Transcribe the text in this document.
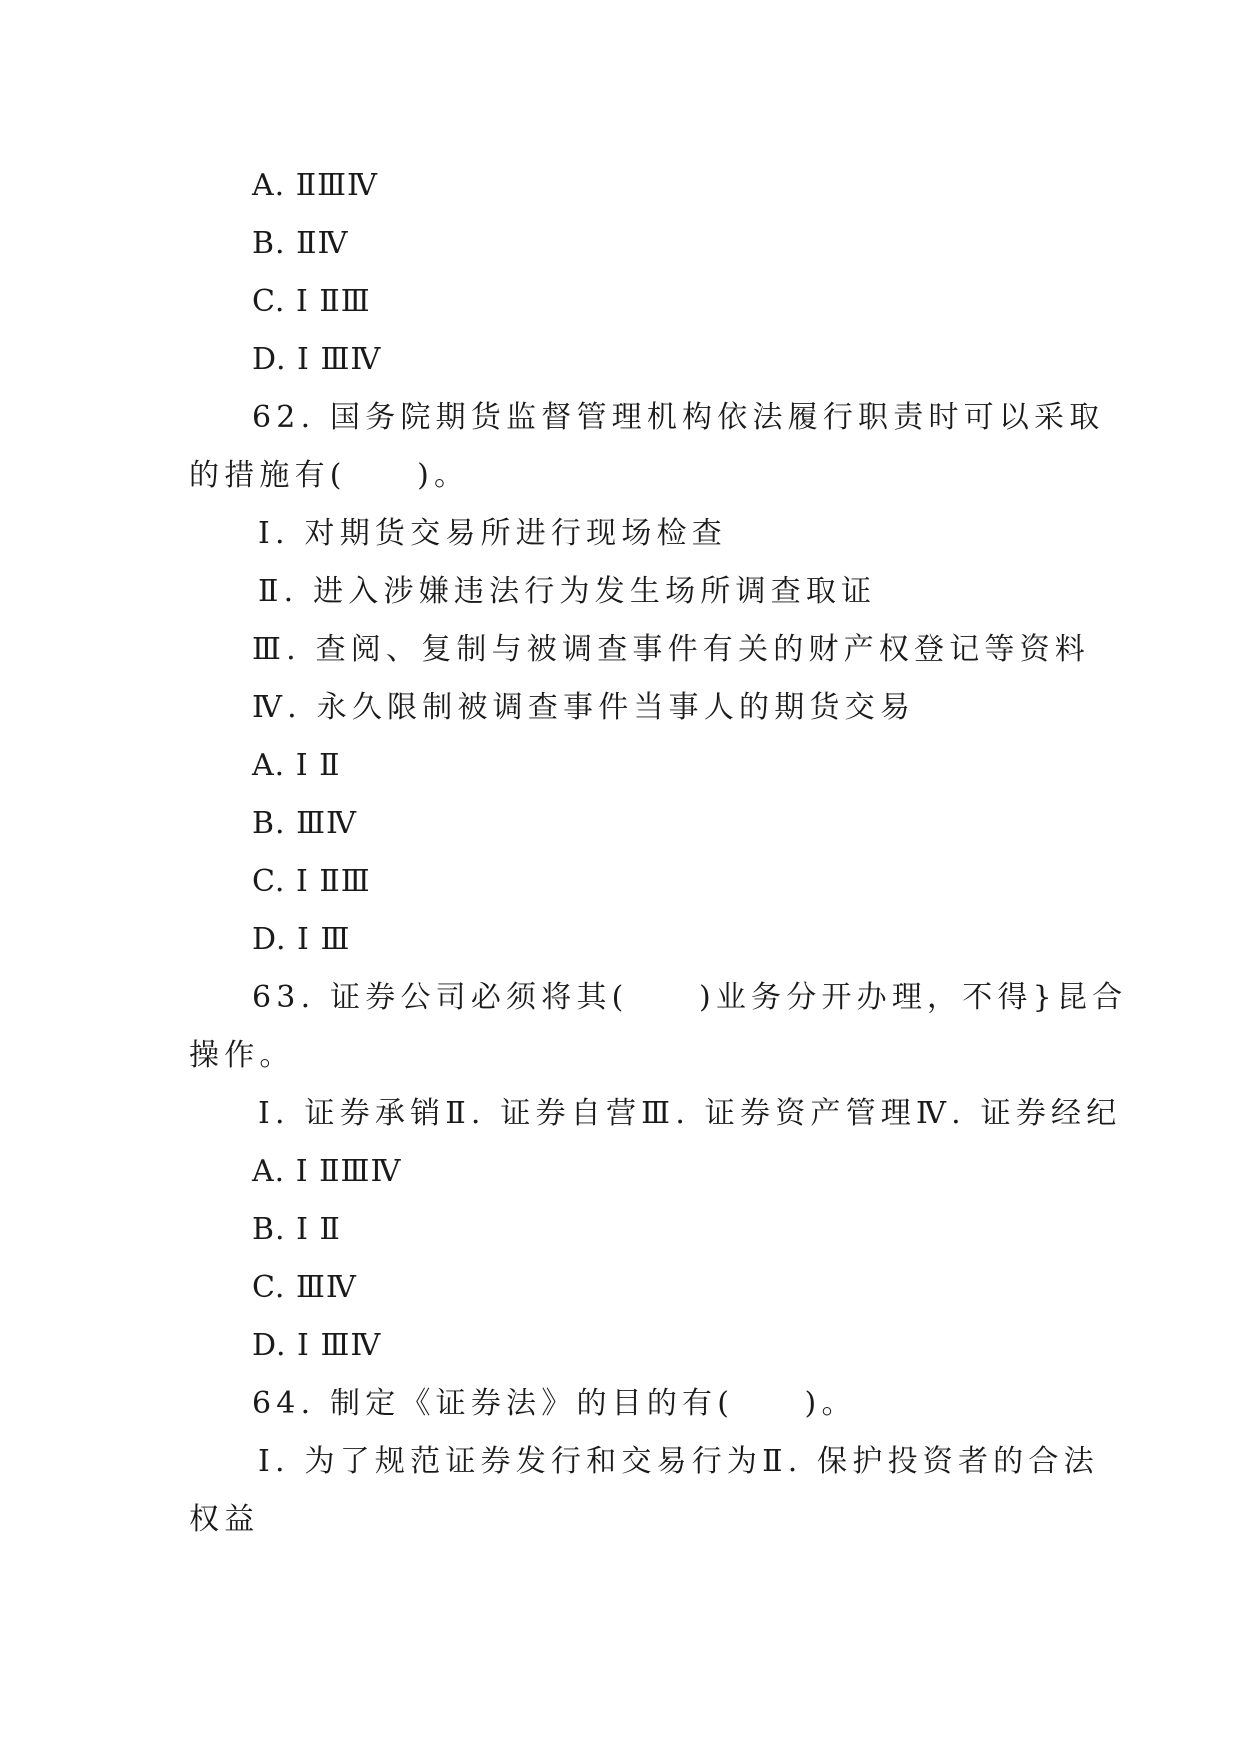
A. ⅡⅢⅣ
B. ⅡⅣ
C. Ⅰ ⅡⅢ
D. Ⅰ ⅢⅣ
62. 国务院期货监督管理机构依法履行职责时可以采取
的措施有(　　)。
Ⅰ. 对期货交易所进行现场检查
Ⅱ. 进入涉嫌违法行为发生场所调查取证
Ⅲ. 查阅、复制与被调查事件有关的财产权登记等资料
Ⅳ. 永久限制被调查事件当事人的期货交易
A. Ⅰ Ⅱ
B. ⅢⅣ
C. Ⅰ ⅡⅢ
D. Ⅰ Ⅲ
63. 证券公司必须将其(　　)业务分开办理，不得}昆合
操作。
Ⅰ. 证券承销Ⅱ. 证券自营Ⅲ. 证券资产管理Ⅳ. 证券经纪
A. Ⅰ ⅡⅢⅣ
B. Ⅰ Ⅱ
C. ⅢⅣ
D. Ⅰ ⅢⅣ
64. 制定《证券法》的目的有(　　)。
Ⅰ. 为了规范证券发行和交易行为Ⅱ. 保护投资者的合法
权益
